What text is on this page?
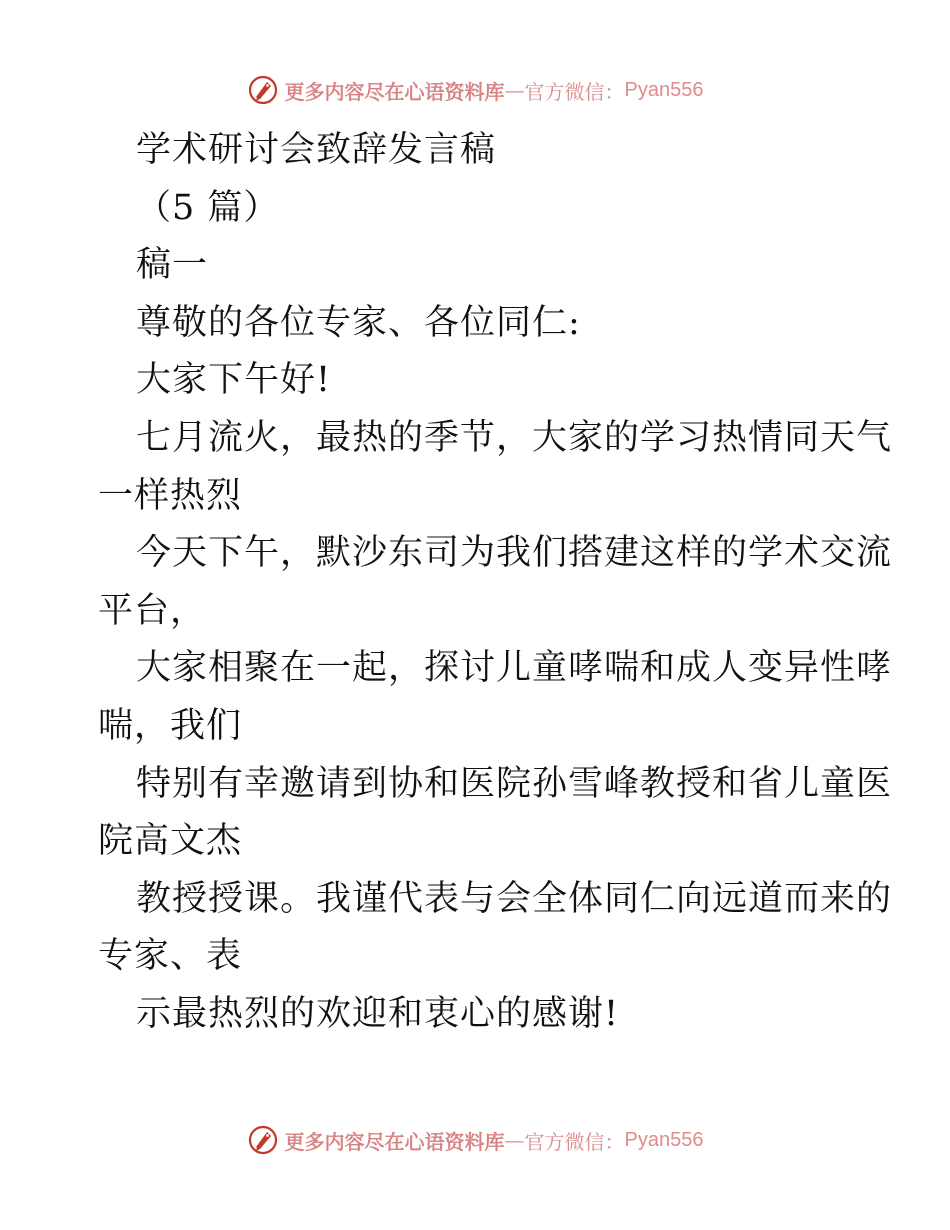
更多内容尽在心语资料库 — 官方微信： Pyan556
学术研讨会致辞发言稿
（5 篇）
稿一
尊敬的各位专家、各位同仁:
大家下午好!
七月流火，最热的季节，大家的学习热情同天气
一样热烈
今天下午，默沙东司为我们搭建这样的学术交流
平台，
大家相聚在一起，探讨儿童哮喘和成人变异性哮
喘，我们
特别有幸邀请到协和医院孙雪峰教授和省儿童医
院高文杰
教授授课。我谨代表与会全体同仁向远道而来的
专家、表
示最热烈的欢迎和衷心的感谢!
更多内容尽在心语资料库 — 官方微信： Pyan556
